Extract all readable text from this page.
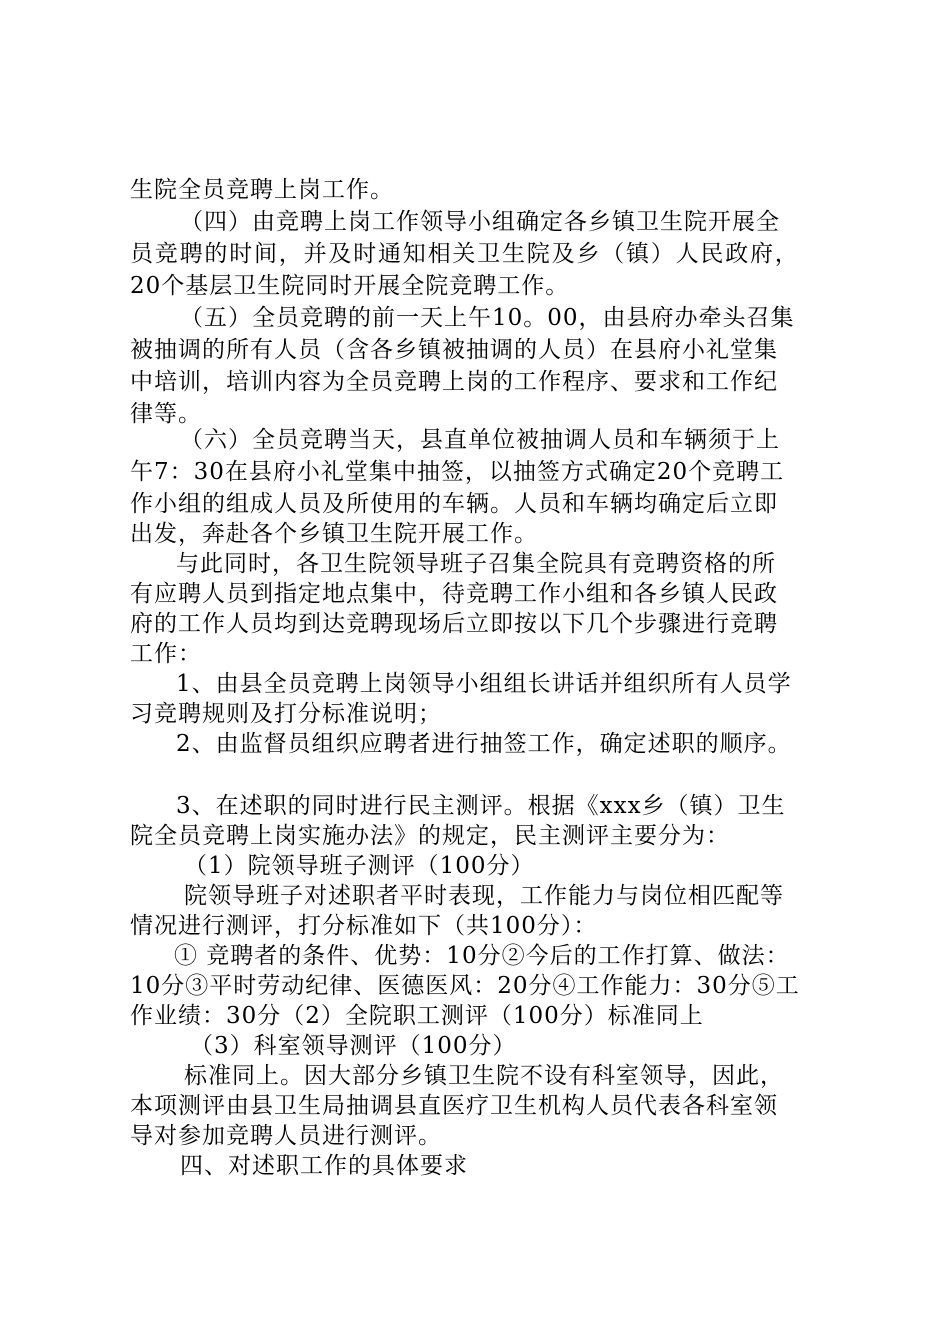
生院全员竞聘上岗工作。
（四）由竞聘上岗工作领导小组确定各乡镇卫生院开展全
员竞聘的时间，并及时通知相关卫生院及乡（镇）人民政府，
20个基层卫生院同时开展全院竞聘工作。
（五）全员竞聘的前一天上午10。00，由县府办牵头召集
被抽调的所有人员（含各乡镇被抽调的人员）在县府小礼堂集
中培训，培训内容为全员竞聘上岗的工作程序、要求和工作纪
律等。
（六）全员竞聘当天，县直单位被抽调人员和车辆须于上
午7：30在县府小礼堂集中抽签，以抽签方式确定20个竞聘工
作小组的组成人员及所使用的车辆。人员和车辆均确定后立即
出发，奔赴各个乡镇卫生院开展工作。
与此同时，各卫生院领导班子召集全院具有竞聘资格的所
有应聘人员到指定地点集中，待竞聘工作小组和各乡镇人民政
府的工作人员均到达竞聘现场后立即按以下几个步骤进行竞聘
工作：
1、由县全员竞聘上岗领导小组组长讲话并组织所有人员学
习竞聘规则及打分标准说明；
2、由监督员组织应聘者进行抽签工作，确定述职的顺序。
3、在述职的同时进行民主测评。根据《xxx乡（镇）卫生
院全员竞聘上岗实施办法》的规定，民主测评主要分为：
（1）院领导班子测评（100分）
院领导班子对述职者平时表现，工作能力与岗位相匹配等
情况进行测评，打分标准如下（共100分）：
① 竞聘者的条件、优势：10分②今后的工作打算、做法：
10分③平时劳动纪律、医德医风：20分④工作能力：30分⑤工
作业绩：30分（2）全院职工测评（100分）标准同上
（3）科室领导测评（100分）
标准同上。因大部分乡镇卫生院不设有科室领导，因此，
本项测评由县卫生局抽调县直医疗卫生机构人员代表各科室领
导对参加竞聘人员进行测评。
四、对述职工作的具体要求
